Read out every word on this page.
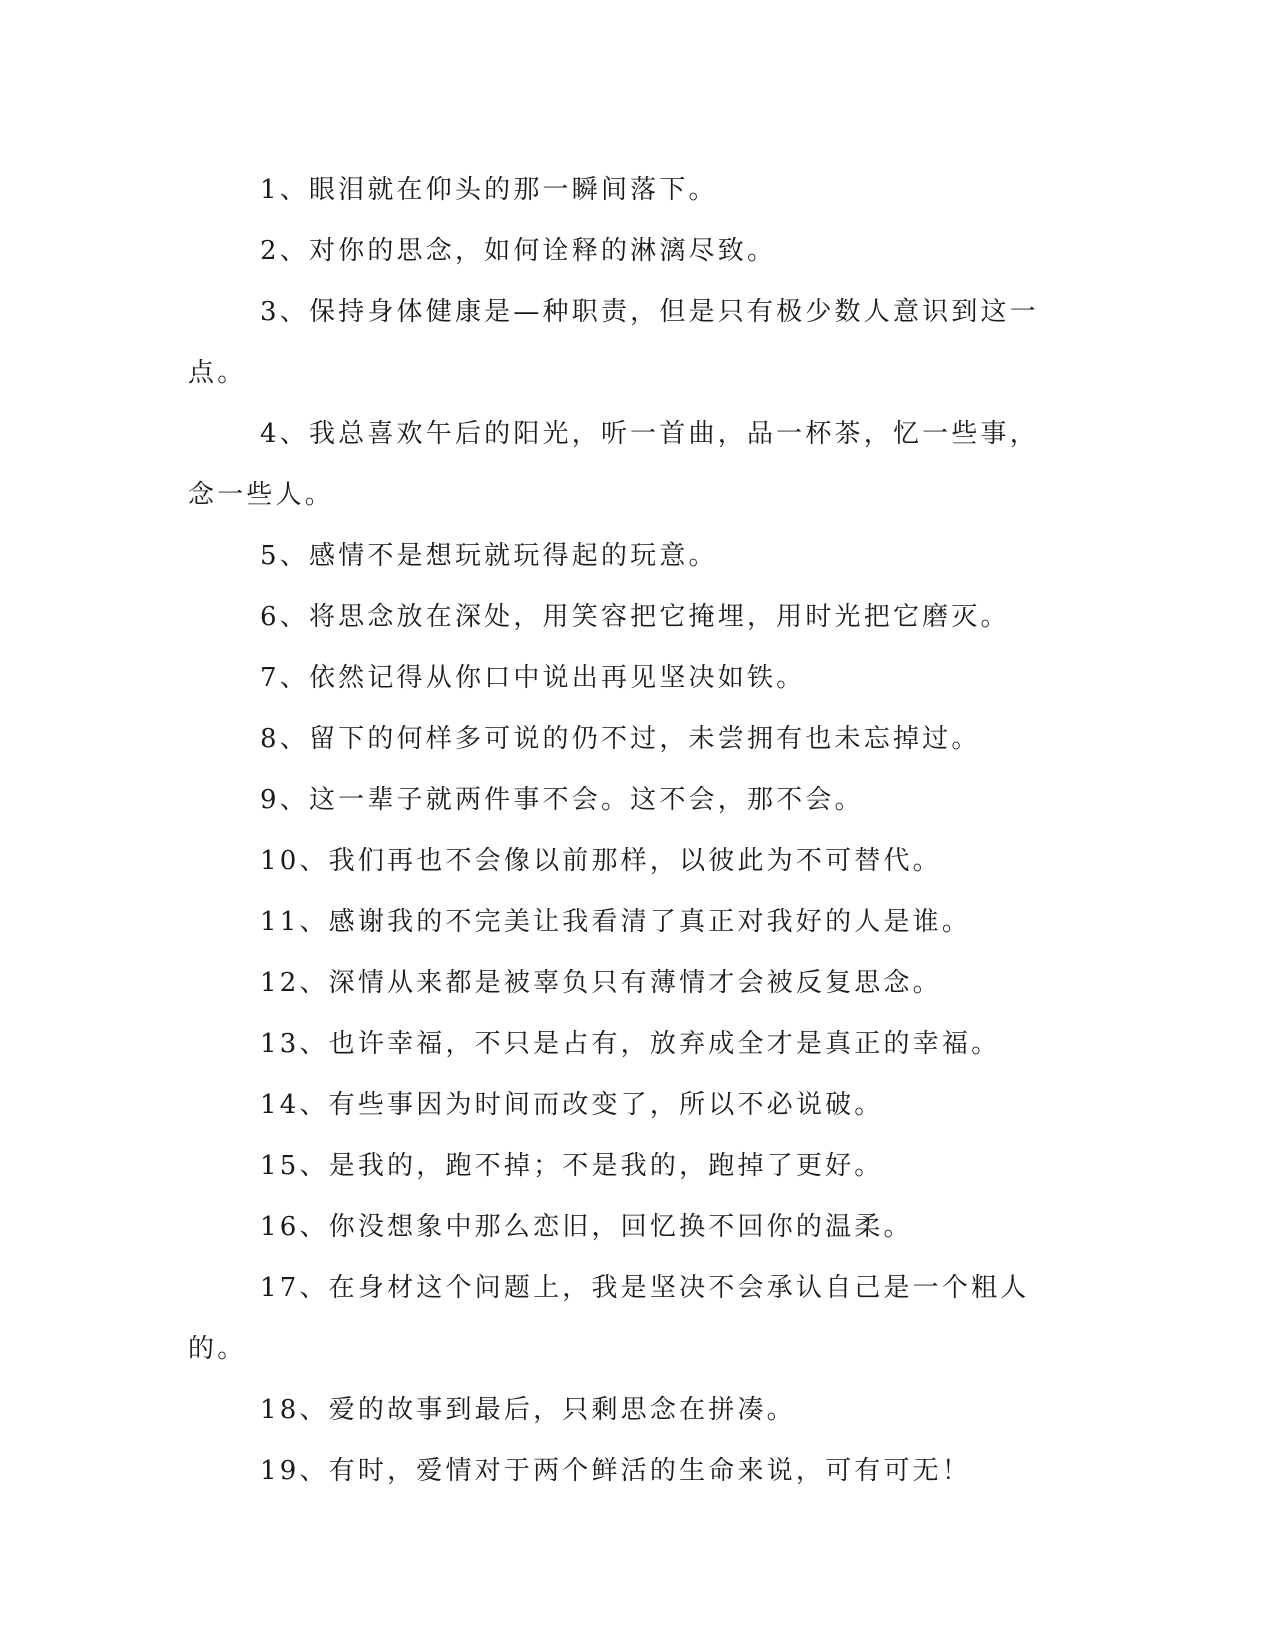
1、眼泪就在仰头的那一瞬间落下。

2、对你的思念，如何诠释的淋漓尽致。

3、保持身体健康是—种职责，但是只有极少数人意识到这一点。

4、我总喜欢午后的阳光，听一首曲，品一杯茶，忆一些事，念一些人。

5、感情不是想玩就玩得起的玩意。

6、将思念放在深处，用笑容把它掩埋，用时光把它磨灭。

7、依然记得从你口中说出再见坚决如铁。

8、留下的何样多可说的仍不过，未尝拥有也未忘掉过。

9、这一辈子就两件事不会。这不会，那不会。

10、我们再也不会像以前那样，以彼此为不可替代。

11、感谢我的不完美让我看清了真正对我好的人是谁。

12、深情从来都是被辜负只有薄情才会被反复思念。

13、也许幸福，不只是占有，放弃成全才是真正的幸福。

14、有些事因为时间而改变了，所以不必说破。

15、是我的，跑不掉；不是我的，跑掉了更好。

16、你没想象中那么恋旧，回忆换不回你的温柔。

17、在身材这个问题上，我是坚决不会承认自己是一个粗人的。

18、爱的故事到最后，只剩思念在拼凑。

19、有时，爱情对于两个鲜活的生命来说，可有可无！
